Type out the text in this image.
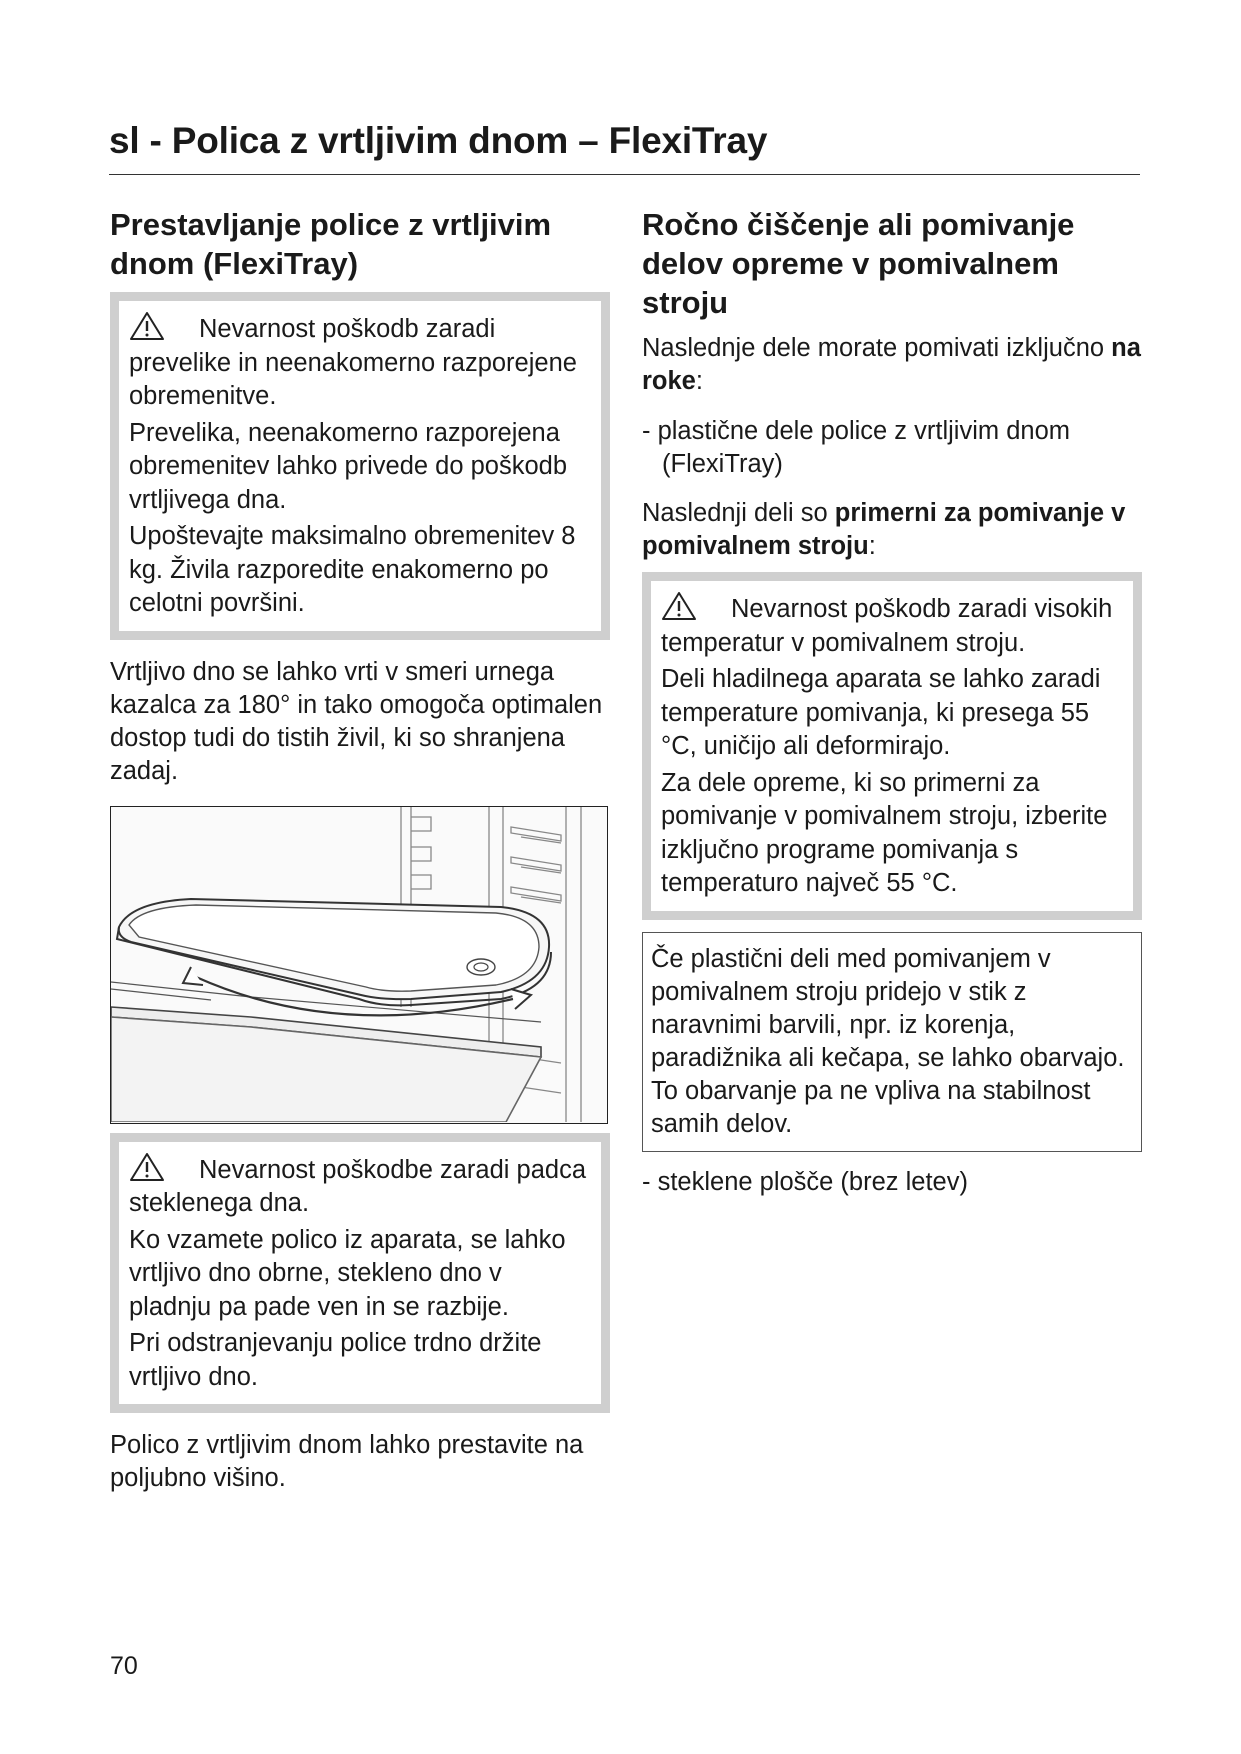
sl - Polica z vrtljivim dnom – FlexiTray
Prestavljanje police z vrtljivim dnom (FlexiTray)

Nevarnost poškodb zaradi prevelike in neenakomerno razporejene obremenitve.

Prevelika, neenakomerno razporejena obremenitev lahko privede do poškodb vrtljivega dna.

Upoštevajte maksimalno obremenitev 8 kg. Živila razporedite enakomerno po celotni površini.

Vrtljivo dno se lahko vrti v smeri urnega kazalca za 180° in tako omogoča optimalen dostop tudi do tistih živil, ki so shranjena zadaj.

Nevarnost poškodbe zaradi padca steklenega dna.

Ko vzamete polico iz aparata, se lahko vrtljivo dno obrne, stekleno dno v pladnju pa pade ven in se razbije.

Pri odstranjevanju police trdno držite vrtljivo dno.

Polico z vrtljivim dnom lahko prestavite na poljubno višino.

Ročno čiščenje ali pomivanje delov opreme v pomivalnem stroju

Naslednje dele morate pomivati izključno na roke:

- plastične dele police z vrtljivim dnom (FlexiTray)

Naslednji deli so primerni za pomivanje v pomivalnem stroju:

Nevarnost poškodb zaradi visokih temperatur v pomivalnem stroju.

Deli hladilnega aparata se lahko zaradi temperature pomivanja, ki presega 55 °C, uničijo ali deformirajo.

Za dele opreme, ki so primerni za pomivanje v pomivalnem stroju, izberite izključno programe pomivanja s temperaturo največ 55 °C.

Če plastični deli med pomivanjem v pomivalnem stroju pridejo v stik z naravnimi barvili, npr. iz korenja, paradižnika ali kečapa, se lahko obarvajo. To obarvanje pa ne vpliva na stabilnost samih delov.

- steklene plošče (brez letev)

70
